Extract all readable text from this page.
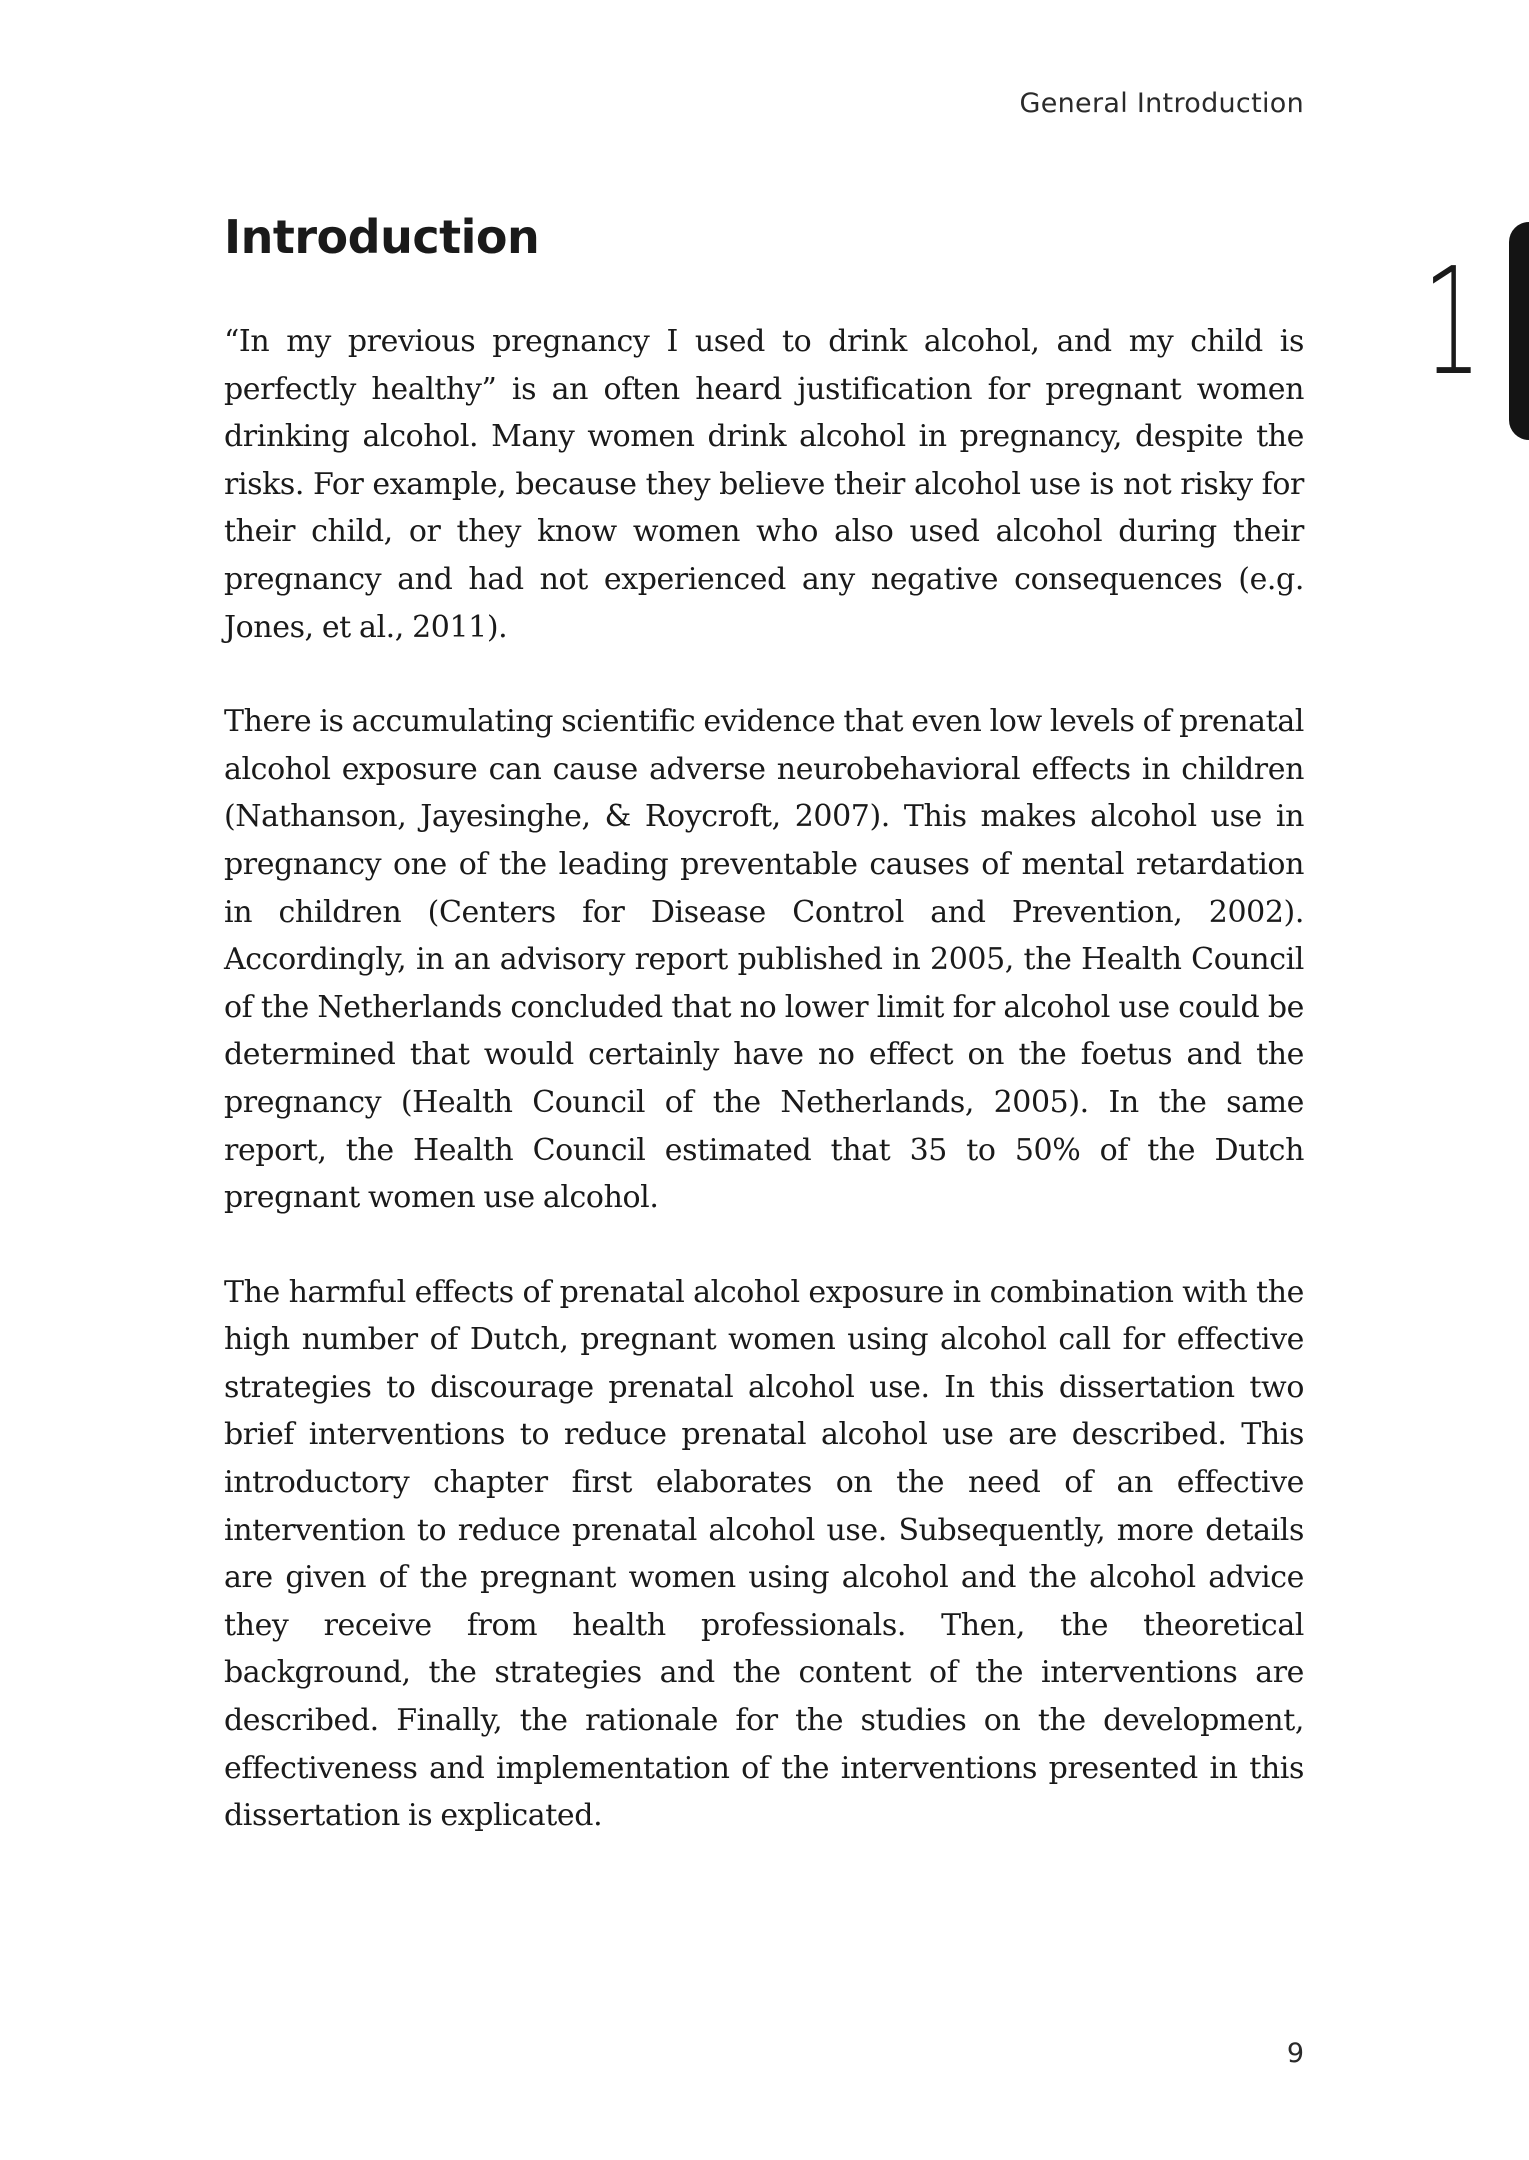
General Introduction
1
Introduction

“In my previous pregnancy I used to drink alcohol, and my child is perfectly healthy” is an often heard justification for pregnant women drinking alcohol. Many women drink alcohol in pregnancy, despite the risks. For example, because they believe their alcohol use is not risky for their child, or they know women who also used alcohol during their pregnancy and had not experienced any negative consequences (e.g. Jones, et al., 2011).

There is accumulating scientific evidence that even low levels of prenatal alcohol exposure can cause adverse neurobehavioral effects in children (Nathanson, Jayesinghe, & Roycroft, 2007). This makes alcohol use in pregnancy one of the leading preventable causes of mental retardation in children (Centers for Disease Control and Prevention, 2002). Accordingly, in an advisory report published in 2005, the Health Council of the Netherlands concluded that no lower limit for alcohol use could be determined that would certainly have no effect on the foetus and the pregnancy (Health Council of the Netherlands, 2005). In the same report, the Health Council estimated that 35 to 50% of the Dutch pregnant women use alcohol.

The harmful effects of prenatal alcohol exposure in combination with the high number of Dutch, pregnant women using alcohol call for effective strategies to discourage prenatal alcohol use. In this dissertation two brief interventions to reduce prenatal alcohol use are described. This introductory chapter first elaborates on the need of an effective intervention to reduce prenatal alcohol use. Subsequently, more details are given of the pregnant women using alcohol and the alcohol advice they receive from health professionals. Then, the theoretical background, the strategies and the content of the interventions are described. Finally, the rationale for the studies on the development, effectiveness and implementation of the interventions presented in this dissertation is explicated.

9
